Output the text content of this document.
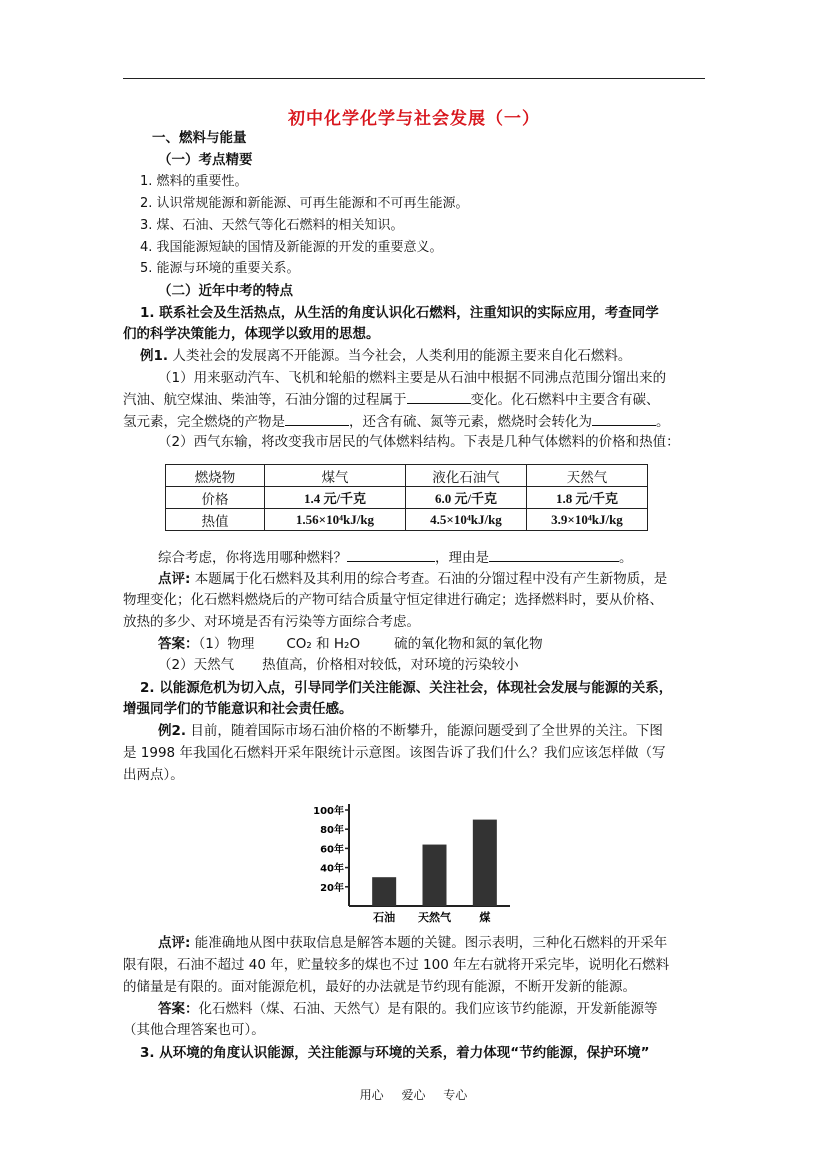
初中化学化学与社会发展（一）
一、燃料与能量
（一）考点精要
1. 燃料的重要性。
2. 认识常规能源和新能源、可再生能源和不可再生能源。
3. 煤、石油、天然气等化石燃料的相关知识。
4. 我国能源短缺的国情及新能源的开发的重要意义。
5. 能源与环境的重要关系。
（二）近年中考的特点
1. 联系社会及生活热点，从生活的角度认识化石燃料，注重知识的实际应用，考查同学
们的科学决策能力，体现学以致用的思想。
例1. 人类社会的发展离不开能源。当今社会，人类利用的能源主要来自化石燃料。
（1）用来驱动汽车、飞机和轮船的燃料主要是从石油中根据不同沸点范围分馏出来的
汽油、航空煤油、柴油等，石油分馏的过程属于	变化。化石燃料中主要含有碳、
氢元素，完全燃烧的产物是	，还含有硫、氮等元素，燃烧时会转化为	。
（2）西气东输，将改变我市居民的气体燃料结构。下表是几种气体燃料的价格和热值：
燃烧物	煤气	液化石油气	天然气
价格	1.4 元/千克	6.0 元/千克	1.8 元/千克
热值	1.56×10⁴kJ/kg	4.5×10⁴kJ/kg	3.9×10⁴kJ/kg
综合考虑，你将选用哪种燃料？	，理由是	。
点评: 本题属于化石燃料及其利用的综合考查。石油的分馏过程中没有产生新物质，是
物理变化；化石燃料燃烧后的产物可结合质量守恒定律进行确定；选择燃料时，要从价格、
放热的多少、对环境是否有污染等方面综合考虑。
答案：（1）物理 CO₂ 和 H₂O	硫的氧化物和氮的氧化物
（2）天然气 热值高，价格相对较低，对环境的污染较小
2. 以能源危机为切入点，引导同学们关注能源、关注社会，体现社会发展与能源的关系，
增强同学们的节能意识和社会责任感。
例2. 目前，随着国际市场石油价格的不断攀升，能源问题受到了全世界的关注。下图
是 1998 年我国化石燃料开采年限统计示意图。该图告诉了我们什么？我们应该怎样做（写
出两点）。
20年
40年
60年
80年
100年
石油 天然气	煤
点评: 能准确地从图中获取信息是解答本题的关键。图示表明，三种化石燃料的开采年
限有限，石油不超过 40 年，贮量较多的煤也不过 100 年左右就将开采完毕，说明化石燃料
的储量是有限的。面对能源危机，最好的办法就是节约现有能源，不断开发新的能源。
答案：化石燃料（煤、石油、天然气）是有限的。我们应该节约能源，开发新能源等
（其他合理答案也可）。
3. 从环境的角度认识能源，关注能源与环境的关系，着力体现“节约能源，保护环境”
用心 爱心 专心
